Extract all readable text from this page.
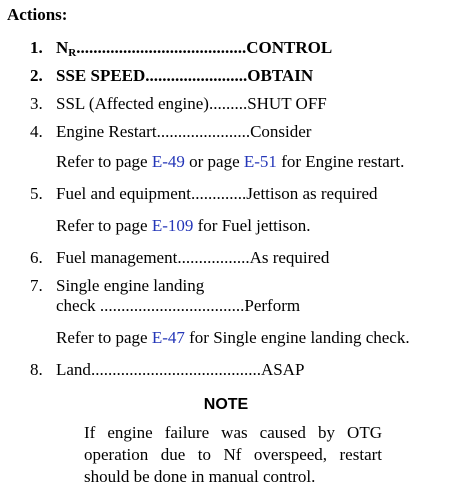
Actions:
1. $N_R........................................CONTROL$
2. SSE SPEED........................OBTAIN
3. SSL (Affected engine).........SHUT OFF
4. Engine Restart......................Consider
Refer to page E-49 or page E-51 for Engine restart.
5. Fuel and equipment.............Jettison as required
Refer to page E-109 for Fuel jettison.
6. Fuel management.................As required
7. Single engine landing
check ..................................Perform
Refer to page E-47 for Single engine landing check.
8. Land........................................ASAP
NOTE
If engine failure was caused by OTG operation due to Nf overspeed, restart should be done in manual control.
